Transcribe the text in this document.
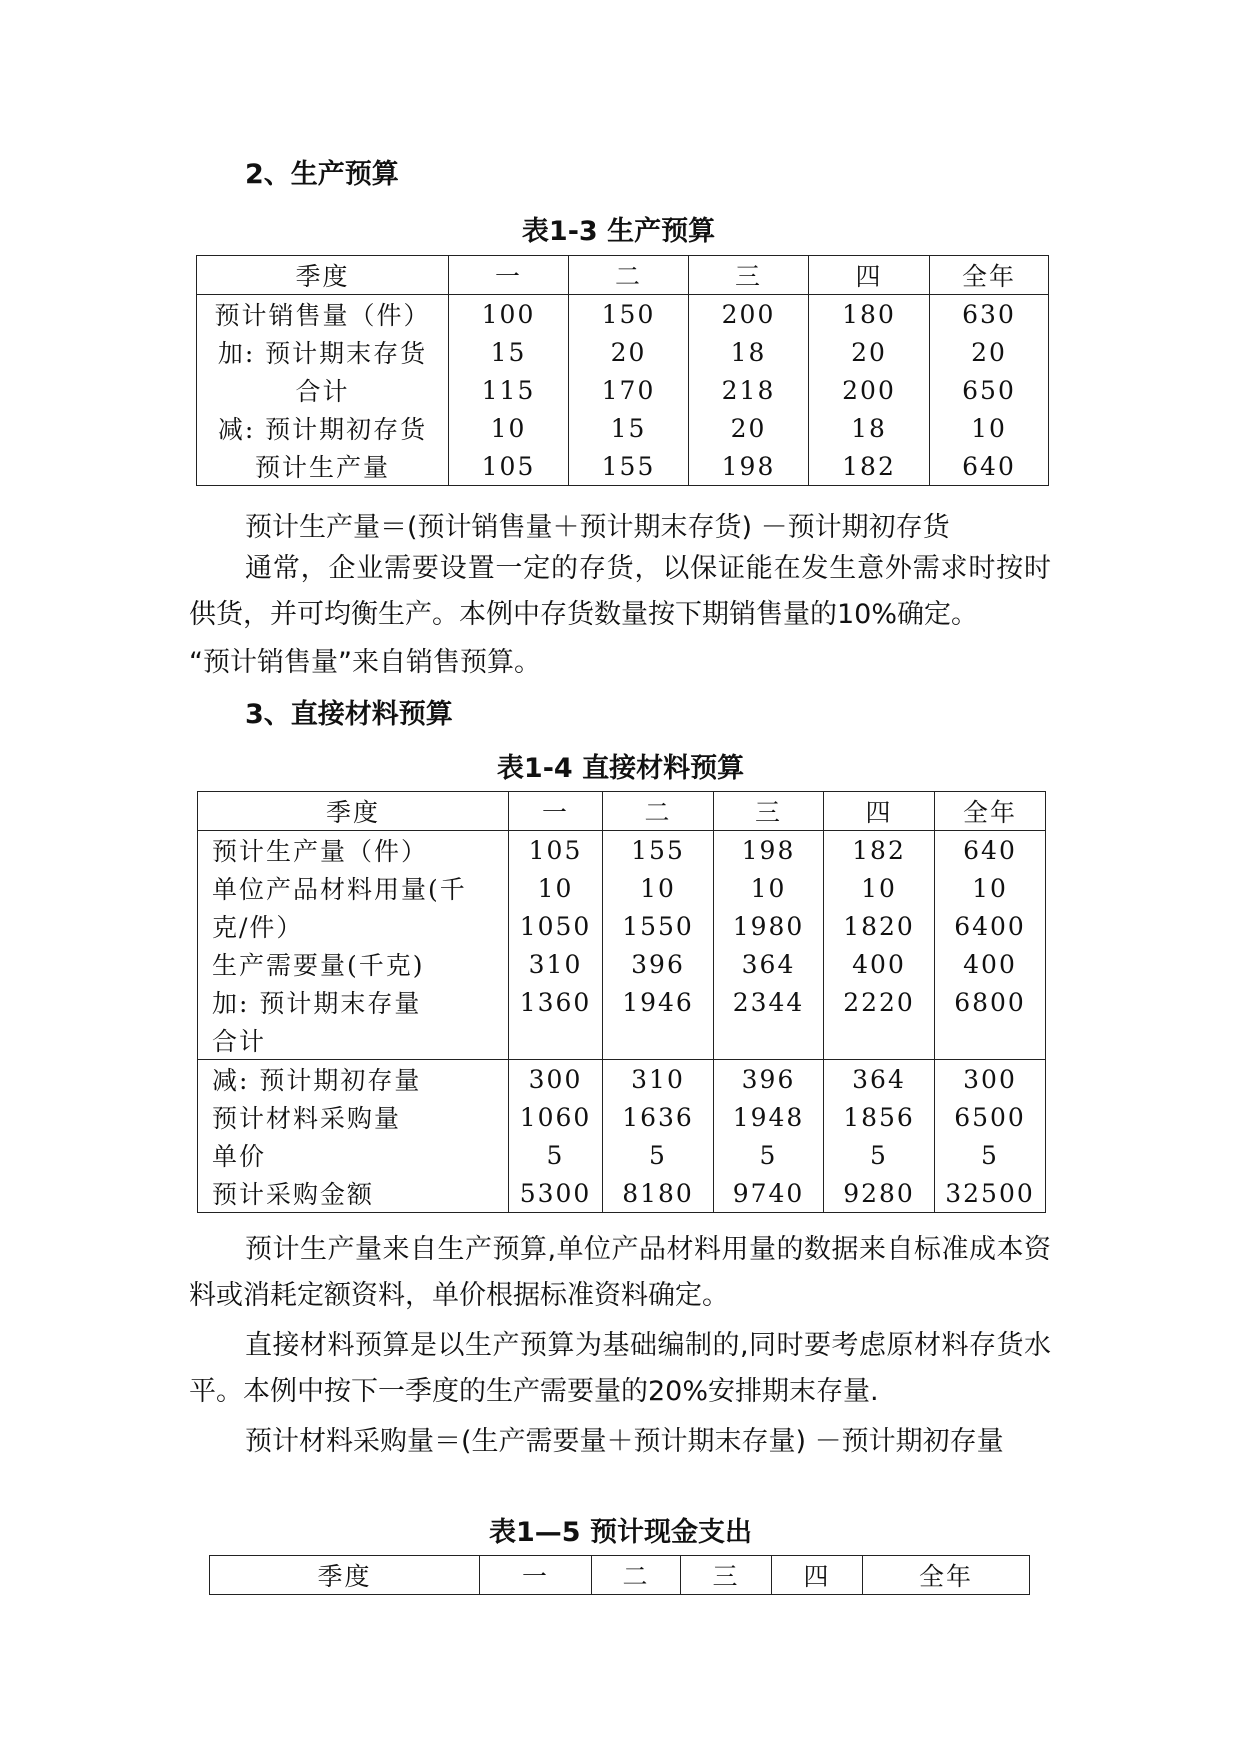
2、生产预算
表1-3 生产预算
季度	一	二	三	四	全年
预计销售量（件）	100	150	200	180	630
加: 预计期末存货	15	20	18	20	20
合计	115	170	218	200	650
减: 预计期初存货	10	15	20	18	10
预计生产量	105	155	198	182	640
预计生产量＝(预计销售量＋预计期末存货) －预计期初存货
通常，企业需要设置一定的存货，以保证能在发生意外需求时按时供货，并可均衡生产。本例中存货数量按下期销售量的10%确定。
“预计销售量”来自销售预算。
3、直接材料预算
表1-4 直接材料预算
季度	一	二	三	四	全年
预计生产量（件）	105	155	198	182	640
单位产品材料用量(千	10	10	10	10	10
克/件）	1050	1550	1980	1820	6400
生产需要量(千克)	310	396	364	400	400
加: 预计期末存量	1360	1946	2344	2220	6800
合计					
减: 预计期初存量	300	310	396	364	300
预计材料采购量	1060	1636	1948	1856	6500
单价	5	5	5	5	5
预计采购金额	5300	8180	9740	9280	32500
预计生产量来自生产预算,单位产品材料用量的数据来自标准成本资料或消耗定额资料，单价根据标准资料确定。
直接材料预算是以生产预算为基础编制的,同时要考虑原材料存货水平。本例中按下一季度的生产需要量的20%安排期末存量.
预计材料采购量＝(生产需要量＋预计期末存量) －预计期初存量
表1—5 预计现金支出
季度	一	二	三	四	全年
